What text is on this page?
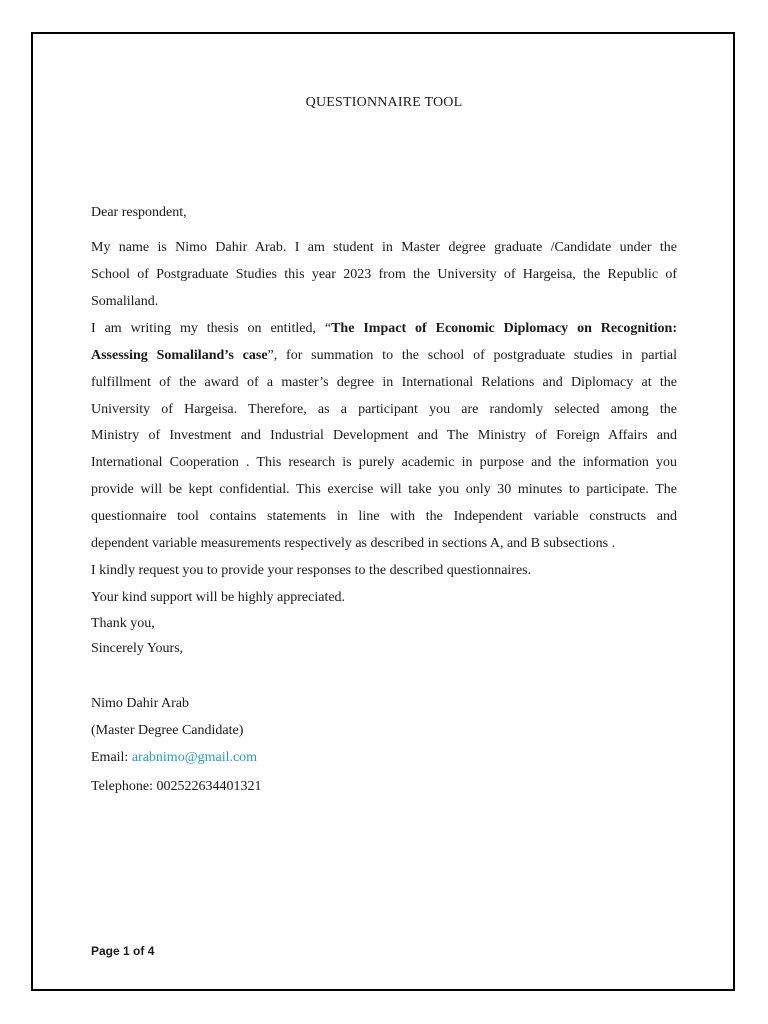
QUESTIONNAIRE TOOL
Dear respondent,
My name is Nimo Dahir Arab. I am student in Master degree graduate /Candidate under the
School of Postgraduate Studies this year 2023 from the University of Hargeisa, the Republic of
Somaliland.
I am writing my thesis on entitled, “The Impact of Economic Diplomacy on Recognition:
Assessing Somaliland’s case”, for summation to the school of postgraduate studies in partial
fulfillment of the award of a master’s degree in International Relations and Diplomacy at the
University of Hargeisa. Therefore, as a participant you are randomly selected among the
Ministry of Investment and Industrial Development and The Ministry of Foreign Affairs and
International Cooperation . This research is purely academic in purpose and the information you
provide will be kept confidential. This exercise will take you only 30 minutes to participate. The
questionnaire tool contains statements in line with the Independent variable constructs and
dependent variable measurements respectively as described in sections A, and B subsections .
I kindly request you to provide your responses to the described questionnaires.
Your kind support will be highly appreciated.
Thank you,
Sincerely Yours,
Nimo Dahir Arab
(Master Degree Candidate)
Email: arabnimo@gmail.com
Telephone: 002522634401321
Page 1 of 4
